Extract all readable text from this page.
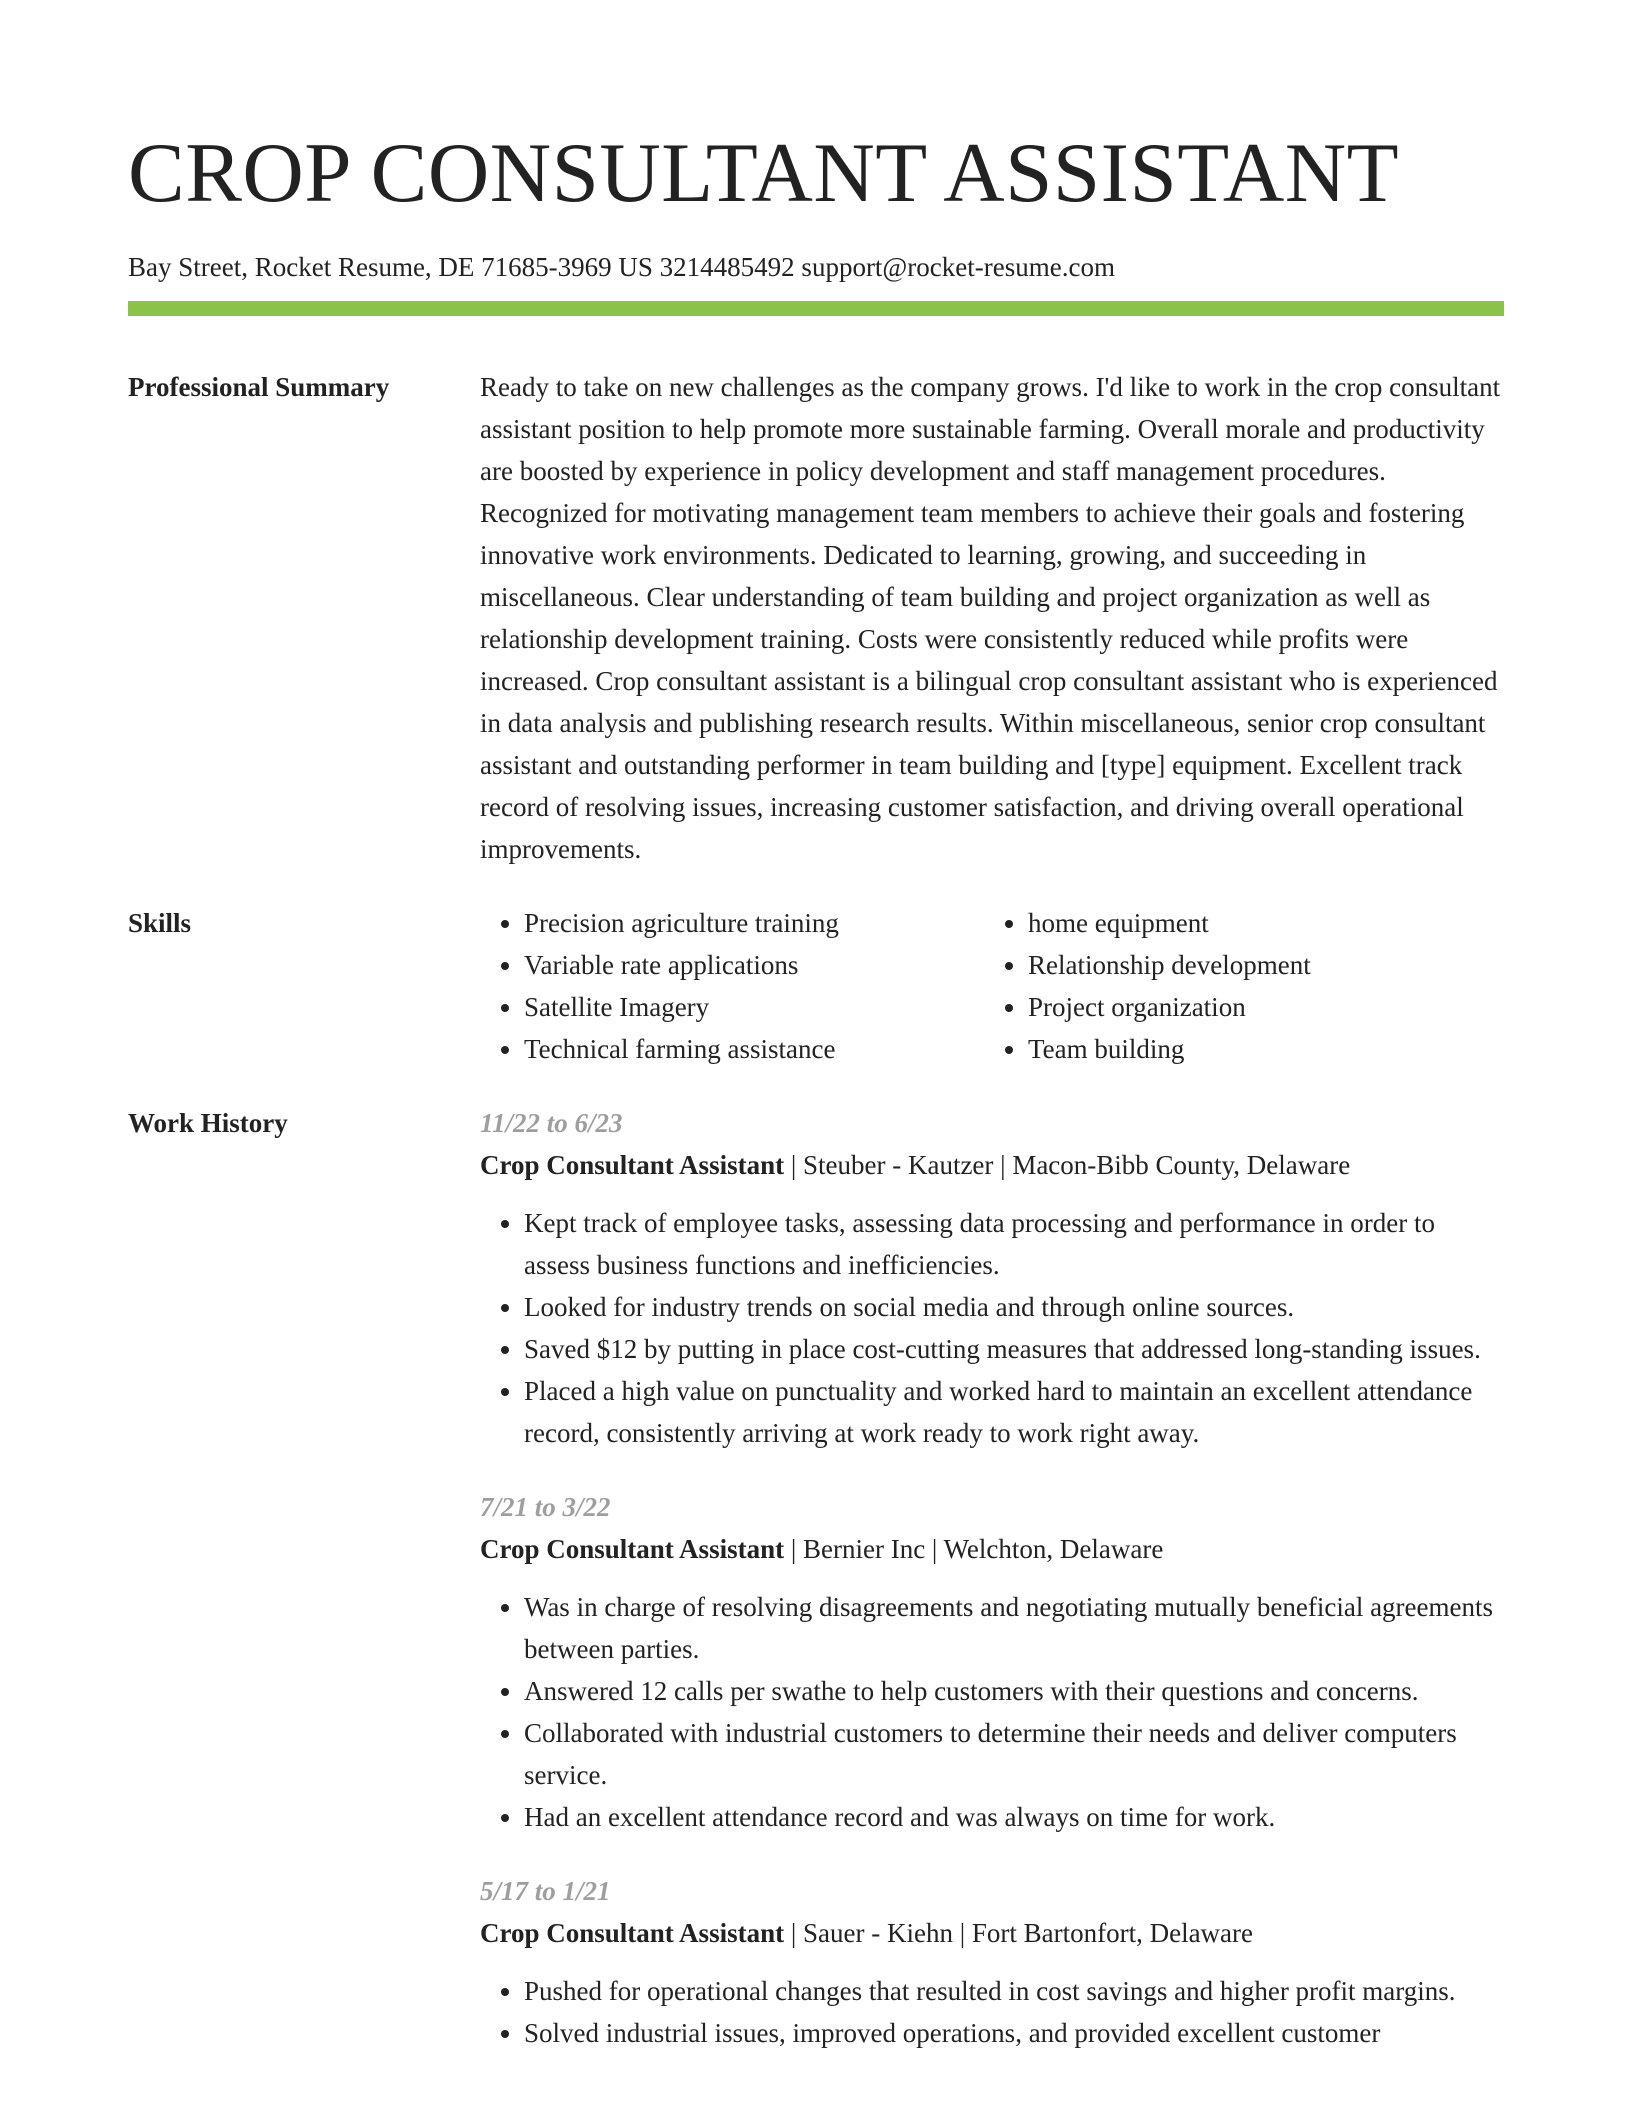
CROP CONSULTANT ASSISTANT
Bay Street, Rocket Resume, DE 71685-3969 US 3214485492 support@rocket-resume.com
Professional Summary	Ready to take on new challenges as the company grows. I'd like to work in the crop consultant assistant position to help promote more sustainable farming. Overall morale and productivity are boosted by experience in policy development and staff management procedures. Recognized for motivating management team members to achieve their goals and fostering innovative work environments. Dedicated to learning, growing, and succeeding in miscellaneous. Clear understanding of team building and project organization as well as relationship development training. Costs were consistently reduced while profits were increased. Crop consultant assistant is a bilingual crop consultant assistant who is experienced in data analysis and publishing research results. Within miscellaneous, senior crop consultant assistant and outstanding performer in team building and [type] equipment. Excellent track record of resolving issues, increasing customer satisfaction, and driving overall operational improvements.
Skills
•	Precision agriculture training
• Variable rate applications
• Satellite Imagery
• Technical farming assistance
• home equipment
• Relationship development
• Project organization
• Team building
Work History	11/22 to 6/23
Crop Consultant Assistant | Steuber - Kautzer | Macon-Bibb County, Delaware
• Kept track of employee tasks, assessing data processing and performance in order to assess business functions and inefficiencies.
• Looked for industry trends on social media and through online sources.
• Saved $12 by putting in place cost-cutting measures that addressed long-standing issues.
• Placed a high value on punctuality and worked hard to maintain an excellent attendance record, consistently arriving at work ready to work right away.
7/21 to 3/22
Crop Consultant Assistant | Bernier Inc | Welchton, Delaware
• Was in charge of resolving disagreements and negotiating mutually beneficial agreements between parties.
• Answered 12 calls per swathe to help customers with their questions and concerns.
• Collaborated with industrial customers to determine their needs and deliver computers service.
• Had an excellent attendance record and was always on time for work.
5/17 to 1/21
Crop Consultant Assistant | Sauer - Kiehn | Fort Bartonfort, Delaware
• Pushed for operational changes that resulted in cost savings and higher profit margins.
• Solved industrial issues, improved operations, and provided excellent customer
